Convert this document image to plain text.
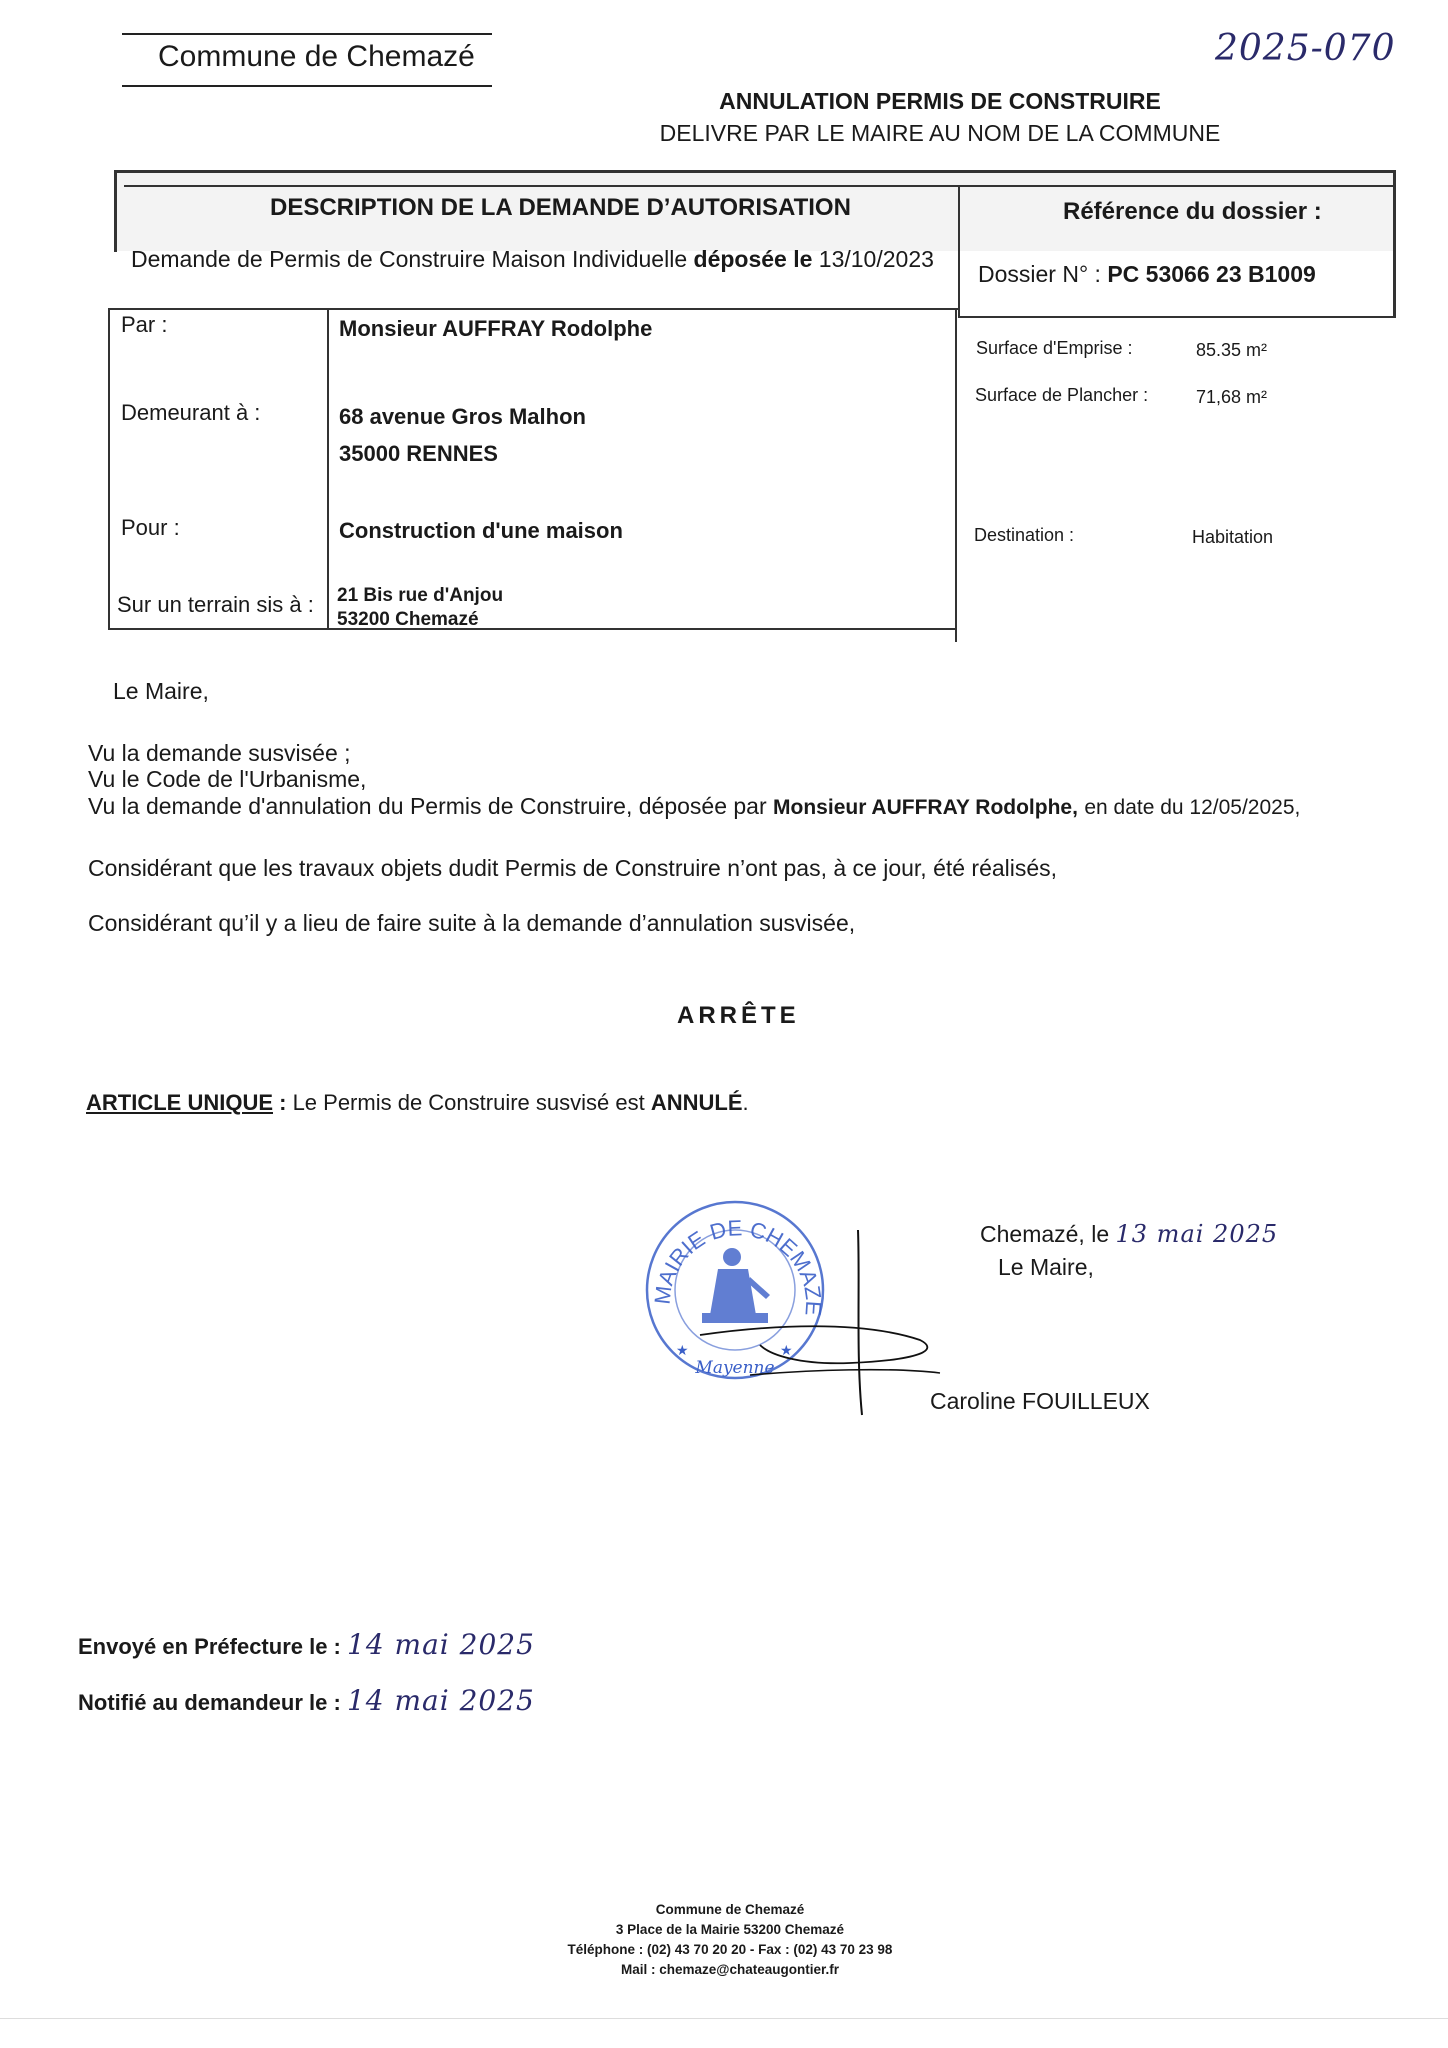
Commune de Chemazé	2025-070
ANNULATION PERMIS DE CONSTRUIRE
DELIVRE PAR LE MAIRE AU NOM DE LA COMMUNE
DESCRIPTION DE LA DEMANDE D’AUTORISATION	Référence du dossier :
Demande de Permis de Construire Maison Individuelle déposée le 13/10/2023
Dossier N° : PC 53066 23 B1009
Par :	Monsieur AUFFRAY Rodolphe
Demeurant à :	68 avenue Gros Malhon
35000 RENNES
Pour :	Construction d'une maison
Sur un terrain sis à : 21 Bis rue d'Anjou
53200 Chemazé
Surface d'Emprise :	85.35 m²
Surface de Plancher :	71,68 m²
Destination :	Habitation
Le Maire,
Vu la demande susvisée ;
Vu le Code de l'Urbanisme,
Vu la demande d'annulation du Permis de Construire, déposée par Monsieur AUFFRAY Rodolphe, en date du 12/05/2025,
Considérant que les travaux objets dudit Permis de Construire n’ont pas, à ce jour, été réalisés,
Considérant qu’il y a lieu de faire suite à la demande d’annulation susvisée,
ARRÊTE
ARTICLE UNIQUE : Le Permis de Construire susvisé est ANNULÉ.
MAIRIE DE CHEMAZE
★	★
Mayenne
Chemazé, le 13 mai 2025
Le Maire,
Caroline FOUILLEUX
Envoyé en Préfecture le : 14 mai 2025
Notifié au demandeur le : 14 mai 2025
Commune de Chemazé
3 Place de la Mairie 53200 Chemazé
Téléphone : (02) 43 70 20 20 - Fax : (02) 43 70 23 98
Mail : chemaze@chateaugontier.fr
